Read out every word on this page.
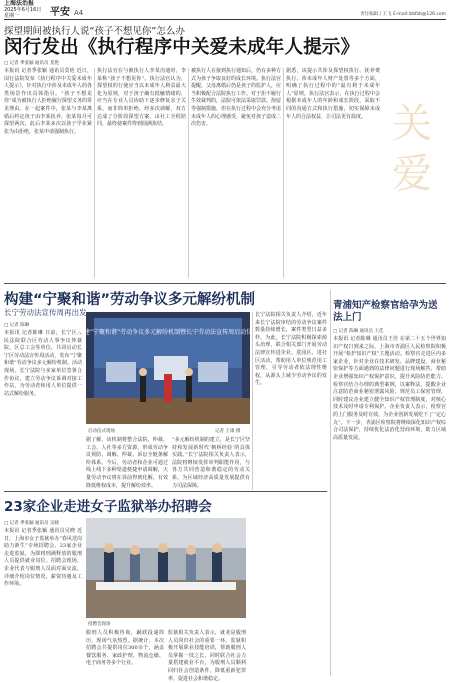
上海法治报
2025年6月16日 星期一	平安 A4	责任编辑 / 王飞 E-mail:lzbfzb@126.com
探望期间被执行人说“孩子不想见你”怎么办
闵行发出《执行程序中关爱未成年人提示》
□ 记者 季张颖 通讯员 莫艳
本报讯 记者季张颖 通讯员莫艳 近日，闵行法院发布《执行程序中关爱未成年人提示》，针对执行中涉及未成年人的各类场景作出具体指引。“孩子不想见你”成为被执行人拒绝履行探望义务的常见理由。在一起案件中，张某与李某离婚后约定孩子由李某抚养，张某每月可探望两次。此后李某多次以孩子学业紧张为由拒绝，张某申请强制执行。
执行法官在与被执行人李某沟通时，李某称“孩子不想见你”。执行法官认为，探望权的行使应当以未成年人利益最大化为原则，对于孩子确有抵触情绪的，应当在专业人员协助下逐步修复亲子关系，而非简单拒绝。经多次调解，双方达成了分阶段探望方案，由社工全程陪同，最终使案件得到圆满执结。
被执行人在接到执行通知后，仍有多种方式为孩子争取良好的成长环境。执行法官提醒，父母离婚后仍是孩子的监护人，应当积极配合法院执行工作。对于拒不履行生效裁判的，法院可依法采取罚款、拘留等强制措施，但在执行过程中会充分考虑未成年人的心理感受，避免对孩子造成二次伤害。
据悉，该提示共涉及探望权执行、抚养费执行、涉未成年人财产处置等多个方面，明确了执行过程中的“最有利于未成年人”原则。执行法官表示，在执行过程中会根据未成年人的年龄和成长阶段，采取不同的沟通方式和执行措施，切实保障未成年人的合法权益，让司法更有温度。 关
爱
构建“宁聚和谐”劳动争议多元解纷机制
长宁劳动法宣传周再出发
□ 记者 陈琳
本报讯 记者陈琳 日前，长宁区人民法院联合区劳动人事争议仲裁院、区总工会等单位，共同启动长宁区劳动法宣传周活动，发布“宁聚和谐”劳动争议多元解纷机制。活动现场，长宁法院与多家单位签署合作协议，建立劳动争议诉调对接工作站，为劳动者和用人单位提供一站式解纷服务。
构建“宁聚和谐”劳动争议多元解纷机制暨长宁劳动法宣传周启动仪式
启动仪式现场	记者 王康 摄
据了解，该机制将整合法院、仲裁、工会、人社等多方资源，形成劳动争议预防、调解、仲裁、诉讼全链条解纷体系。今后，劳动者和企业可通过线上线下多种渠道便捷申请调解，大量劳动争议将在诉前得到化解，有效降低维权成本，提升解纷效率。
“多元解纷机制的建立，是长宁区坚持和发展新时代‘枫桥经验’的具体实践。”长宁法院相关负责人表示，法院将继续发挥审判职能作用，与各方共同营造和谐稳定的劳动关系，为区域经济高质量发展提供有力司法保障。
长宁法院相关负责人介绍，近年来长宁法院审结的劳动争议案件数量持续增长，案件类型日益多样。为此，长宁法院积极探索源头治理，联合相关部门开展劳动法律宣传进企业、进园区、进社区活动，帮助用人单位规范用工管理，引导劳动者依法理性维权，从源头上减少劳动争议的发生。
青浦知产检察官给孕为送法上门
□ 记者 陈琳 通讯员 王佳
本报讯 记者陈琳 通讯员王佳 在第二十五个世界知识产权日到来之际，上海市青浦区人民检察院积极开展“检护知识产权”主题活动。检察官走进区内多家企业，针对企业在技术研发、品牌建设、商业秘密保护等方面遇到的法律问题进行现场解答，帮助企业增强知识产权保护意识，提升风险防范能力。检察官结合办理的典型案例，以案释法，提醒企业注意防范商业秘密泄露风险，规范员工保密管理，同时建议企业建立健全知识产权管理制度，对核心技术及时申请专利保护。企业负责人表示，检察官的上门服务及时有效，为企业创新发展吃下了“定心丸”。下一步，青浦区检察院将继续深化知识产权综合司法保护，持续优化法治化营商环境，助力区域高质量发展。
23家企业走进女子监狱举办招聘会
□ 记者 季张颖 通讯员 吴晓
本报讯 记者季张颖 通讯员吴晓 近日，上海市女子监狱举办“春风送岗 助力新生”专场招聘会，23家企业走进监狱，为即将刑满释放的服刑人员提供就业岗位。招聘会现场，企业代表与服刑人员面对面交流，详细介绍岗位情况、薪资待遇及工作环境。
招聘会现场
服刑人员积极咨询，踊跃投递简历，现场气氛热烈。据统计，本次招聘会共提供岗位300余个，涵盖餐饮服务、家政护理、物流仓储、电子商务等多个行业。
监狱相关负责人表示，就业是服刑人员回归社会的重要一环。监狱积极开展职业技能培训，帮助服刑人员掌握一技之长，同时联合社会力量搭建就业平台，为服刑人员顺利回归社会创造条件，降低重新犯罪率，促进社会和谐稳定。
